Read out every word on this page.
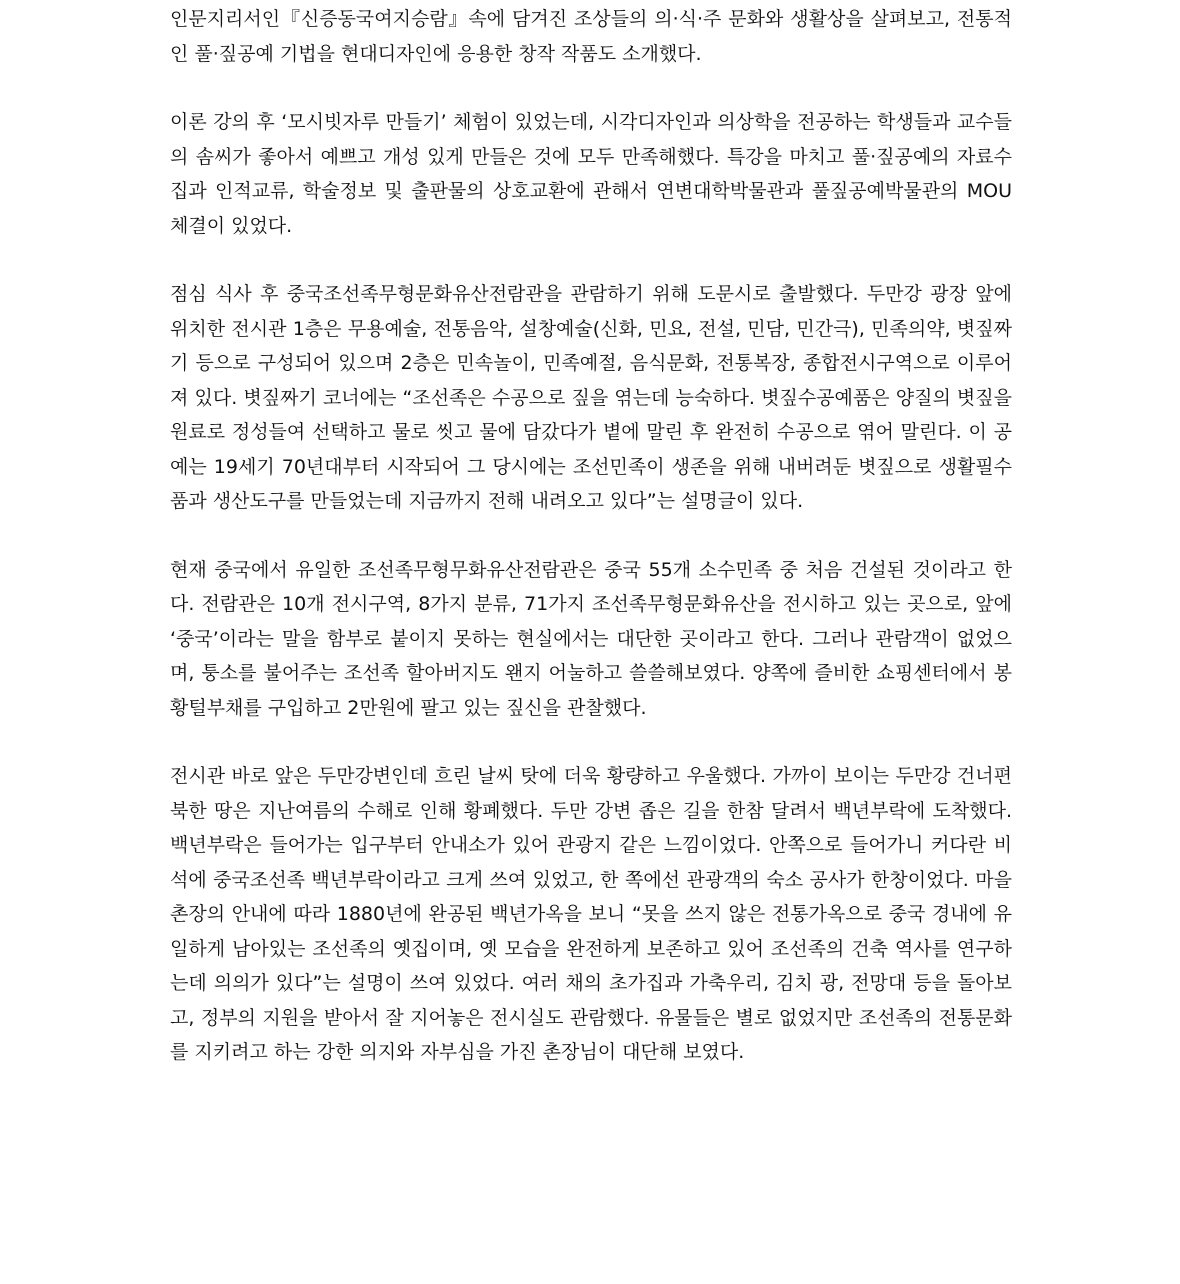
인문지리서인『신증동국여지승람』속에 담겨진 조상들의 의·식·주 문화와 생활상을 살펴보고, 전통적인 풀·짚공예 기법을 현대디자인에 응용한 창작 작품도 소개했다.

이론 강의 후 ‘모시빗자루 만들기’ 체험이 있었는데, 시각디자인과 의상학을 전공하는 학생들과 교수들의 솜씨가 좋아서 예쁘고 개성 있게 만들은 것에 모두 만족해했다. 특강을 마치고 풀·짚공예의 자료수집과 인적교류, 학술정보 및 출판물의 상호교환에 관해서 연변대학박물관과 풀짚공예박물관의 MOU 체결이 있었다.

점심 식사 후 중국조선족무형문화유산전람관을 관람하기 위해 도문시로 출발했다. 두만강 광장 앞에 위치한 전시관 1층은 무용예술, 전통음악, 설창예술(신화, 민요, 전설, 민담, 민간극), 민족의약, 볏짚짜기 등으로 구성되어 있으며 2층은 민속놀이, 민족예절, 음식문화, 전통복장, 종합전시구역으로 이루어져 있다. 볏짚짜기 코너에는 “조선족은 수공으로 짚을 엮는데 능숙하다. 볏짚수공예품은 양질의 볏짚을 원료로 정성들여 선택하고 물로 씻고 물에 담갔다가 볕에 말린 후 완전히 수공으로 엮어 말린다. 이 공예는 19세기 70년대부터 시작되어 그 당시에는 조선민족이 생존을 위해 내버려둔 볏짚으로 생활필수품과 생산도구를 만들었는데 지금까지 전해 내려오고 있다”는 설명글이 있다.

현재 중국에서 유일한 조선족무형무화유산전람관은 중국 55개 소수민족 중 처음 건설된 것이라고 한다. 전람관은 10개 전시구역, 8가지 분류, 71가지 조선족무형문화유산을 전시하고 있는 곳으로, 앞에 ‘중국’이라는 말을 함부로 붙이지 못하는 현실에서는 대단한 곳이라고 한다. 그러나 관람객이 없었으며, 퉁소를 불어주는 조선족 할아버지도 왠지 어눌하고 쓸쓸해보였다. 양쪽에 즐비한 쇼핑센터에서 봉황털부채를 구입하고 2만원에 팔고 있는 짚신을 관찰했다.

전시관 바로 앞은 두만강변인데 흐린 날씨 탓에 더욱 황량하고 우울했다. 가까이 보이는 두만강 건너편 북한 땅은 지난여름의 수해로 인해 황폐했다. 두만 강변 좁은 길을 한참 달려서 백년부락에 도착했다. 백년부락은 들어가는 입구부터 안내소가 있어 관광지 같은 느낌이었다. 안쪽으로 들어가니 커다란 비석에 중국조선족 백년부락이라고 크게 쓰여 있었고, 한 쪽에선 관광객의 숙소 공사가 한창이었다. 마을 촌장의 안내에 따라 1880년에 완공된 백년가옥을 보니 “못을 쓰지 않은 전통가옥으로 중국 경내에 유일하게 남아있는 조선족의 옛집이며, 옛 모습을 완전하게 보존하고 있어 조선족의 건축 역사를 연구하는데 의의가 있다”는 설명이 쓰여 있었다. 여러 채의 초가집과 가축우리, 김치 광, 전망대 등을 돌아보고, 정부의 지원을 받아서 잘 지어놓은 전시실도 관람했다. 유물들은 별로 없었지만 조선족의 전통문화를 지키려고 하는 강한 의지와 자부심을 가진 촌장님이 대단해 보였다.
